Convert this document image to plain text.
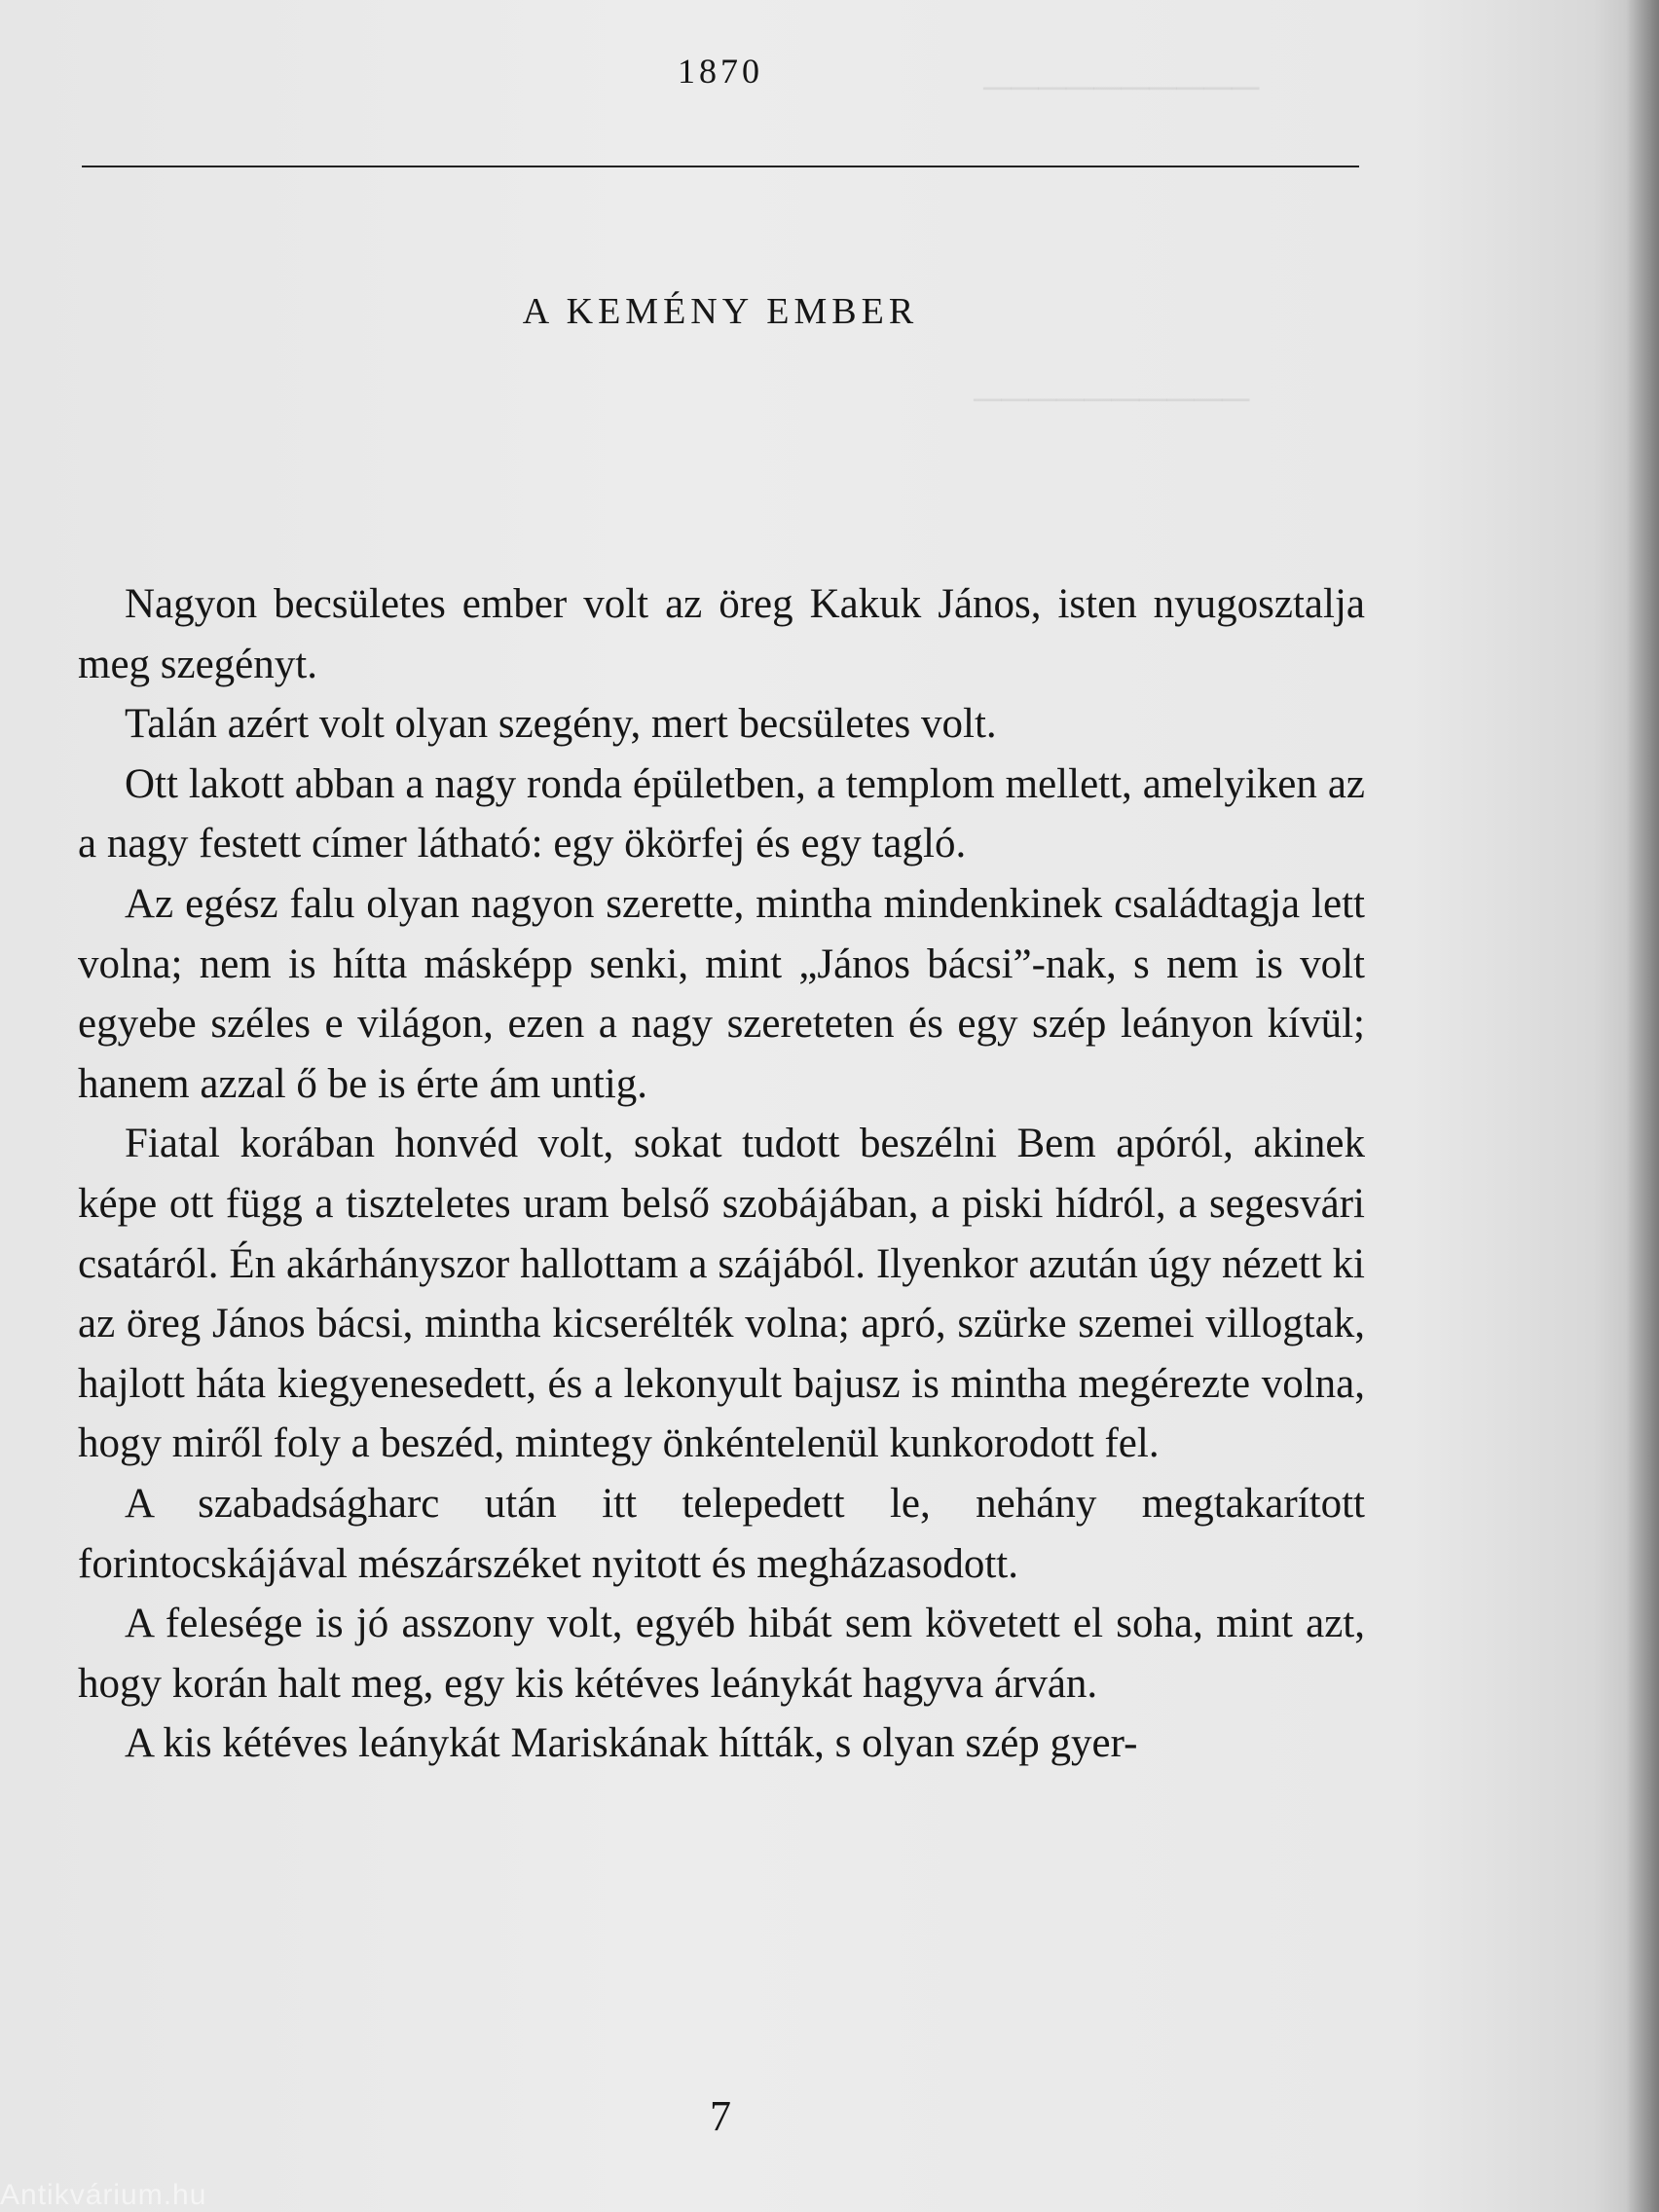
──────────
──────────
1870
A KEMÉNY EMBER

Nagyon becsületes ember volt az öreg Kakuk János, isten nyugosztalja meg szegényt.

Talán azért volt olyan szegény, mert becsületes volt.

Ott lakott abban a nagy ronda épületben, a templom mellett, amelyiken az a nagy festett címer látható: egy ökörfej és egy tagló.

Az egész falu olyan nagyon szerette, mintha mindenkinek családtagja lett volna; nem is hítta másképp senki, mint „János bácsi”-nak, s nem is volt egyebe széles e világon, ezen a nagy szereteten és egy szép leányon kívül; hanem azzal ő be is érte ám untig.

Fiatal korában honvéd volt, sokat tudott beszélni Bem apóról, akinek képe ott függ a tiszteletes uram belső szobájában, a piski hídról, a segesvári csatáról. Én akárhányszor hallottam a szájából. Ilyenkor azután úgy nézett ki az öreg János bácsi, mintha kicserélték volna; apró, szürke szemei villogtak, hajlott háta kiegyenesedett, és a lekonyult bajusz is mintha megérezte volna, hogy miről foly a beszéd, mintegy önkéntelenül kunkorodott fel.

A szabadságharc után itt telepedett le, nehány megtakarított forintocskájával mészárszéket nyitott és megházasodott.

A felesége is jó asszony volt, egyéb hibát sem követett el soha, mint azt, hogy korán halt meg, egy kis kétéves leánykát hagyva árván.

A kis kétéves leánykát Mariskának hítták, s olyan szép gyer-

7
Antikvárium.hu
